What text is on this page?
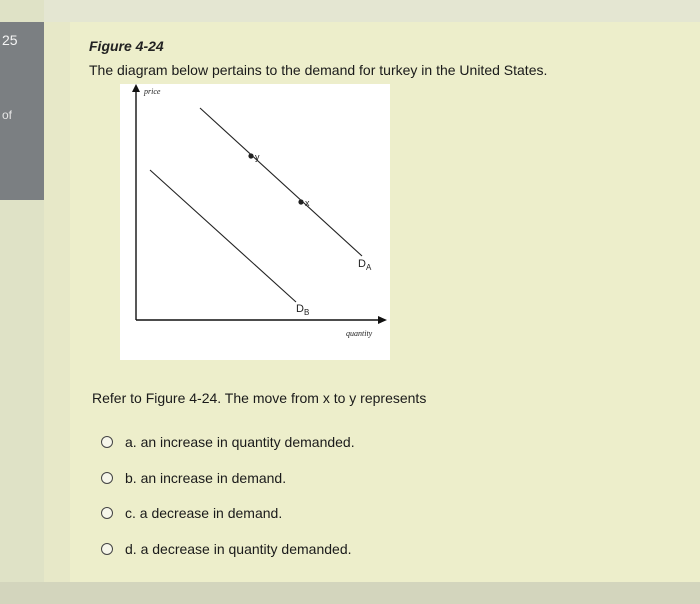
25
of
Figure 4-24
The diagram below pertains to the demand for turkey in the United States.
price
quantity
$D_A$
$D_B$
y
x
Refer to Figure 4-24. The move from x to y represents
a. an increase in quantity demanded.
b. an increase in demand.
c. a decrease in demand.
d. a decrease in quantity demanded.
